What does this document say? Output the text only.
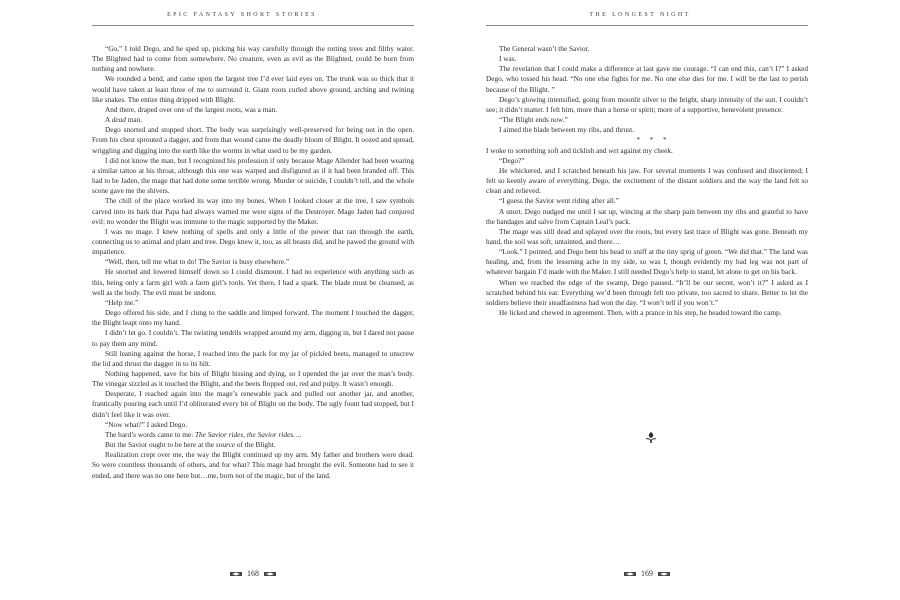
EPIC FANTASY SHORT STORIES

“Go,” I told Dego, and he sped up, picking his way carefully through the rotting trees and filthy water. The Blighted had to come from somewhere. No creature, even as evil as the Blighted, could be born from nothing and nowhere.

We rounded a bend, and came upon the largest tree I’d ever laid eyes on. The trunk was so thick that it would have taken at least three of me to surround it. Giant roots curled above ground, arching and twining like snakes. The entire thing dripped with Blight.

And there, draped over one of the largest roots, was a man.

A dead man.

Dego snorted and stopped short. The body was surprisingly well-preserved for being out in the open. From his chest sprouted a dagger, and from that wound came the deadly bloom of Blight. It oozed and spread, wriggling and digging into the earth like the worms in what used to be my garden.

I did not know the man, but I recognized his profession if only because Mage Allender had been wearing a similar tattoo at his throat, although this one was warped and disfigured as if it had been branded off. This had to be Jaden, the mage that had done some terrible wrong. Murder or suicide, I couldn’t tell, and the whole scene gave me the shivers.

The chill of the place worked its way into my bones. When I looked closer at the tree, I saw symbols carved into its bark that Papa had always warned me were signs of the Destroyer. Mage Jaden had conjured evil; no wonder the Blight was immune to the magic supported by the Maker.

I was no mage. I knew nothing of spells and only a little of the power that ran through the earth, connecting us to animal and plant and tree. Dego knew it, too, as all beasts did, and he pawed the ground with impatience.

“Well, then, tell me what to do! The Savior is busy elsewhere.”

He snorted and lowered himself down so I could dismount. I had no experience with anything such as this, being only a farm girl with a farm girl’s tools. Yet there, I had a spark. The blade must be cleansed, as well as the body. The evil must be undone.

“Help me.”

Dego offered his side, and I clung to the saddle and limped forward. The moment I touched the dagger, the Blight leapt onto my hand.

I didn’t let go. I couldn’t. The twisting tendrils wrapped around my arm, digging in, but I dared not pause to pay them any mind.

Still leaning against the horse, I reached into the pack for my jar of pickled beets, managed to unscrew the lid and thrust the dagger in to its hilt.

Nothing happened, save for bits of Blight hissing and dying, so I upended the jar over the man’s body. The vinegar sizzled as it touched the Blight, and the beets flopped out, red and pulpy. It wasn’t enough.

Desperate, I reached again into the mage’s renewable pack and pulled out another jar, and another, frantically pouring each until I’d obliterated every bit of Blight on the body. The ugly fount had stopped, but I didn’t feel like it was over.

“Now what?” I asked Dego.

The bard’s words came to me: The Savior rides, the Savior rides….

But the Savior ought to be here at the source of the Blight.

Realization crept over me, the way the Blight continued up my arm. My father and brothers were dead. So were countless thousands of others, and for what? This mage had brought the evil. Someone had to see it ended, and there was no one here but…me, born not of the magic, but of the land.

168
THE LONGEST NIGHT

The General wasn’t the Savior.

I was.

The revelation that I could make a difference at last gave me courage. “I can end this, can’t I?” I asked Dego, who tossed his head. “No one else fights for me. No one else dies for me. I will be the last to perish because of the Blight. ”

Dego’s glowing intensified, going from moonlit silver to the bright, sharp intensity of the sun. I couldn’t see; it didn’t matter. I felt him, more than a horse or spirit; more of a supportive, benevolent presence.

“The Blight ends now.”

I aimed the blade between my ribs, and thrust.

* * *

I woke to something soft and ticklish and wet against my cheek.

“Dego?”

He whickered, and I scratched beneath his jaw. For several moments I was confused and disoriented; I felt so keenly aware of everything, Dego, the excitement of the distant soldiers and the way the land felt so clean and relieved.

“I guess the Savior went riding after all.”

A snort. Dego nudged me until I sat up, wincing at the sharp pain between my ribs and grateful to have the bandages and salve from Captain Leal’s pack.

The mage was still dead and splayed over the roots, but every last trace of Blight was gone. Beneath my hand, the soil was soft, untainted, and there…

“Look.” I pointed, and Dego bent his head to sniff at the tiny sprig of green. “We did that.” The land was healing, and, from the lessening ache in my side, so was I, though evidently my bad leg was not part of whatever bargain I’d made with the Maker. I still needed Dego’s help to stand, let alone to get on his back.

When we reached the edge of the swamp, Dego paused. “It’ll be our secret, won’t it?” I asked as I scratched behind his ear. Everything we’d been through felt too private, too sacred to share. Better to let the soldiers believe their steadfastness had won the day. “I won’t tell if you won’t.”

He licked and chewed in agreement. Then, with a prance in his step, he headed toward the camp.

169
